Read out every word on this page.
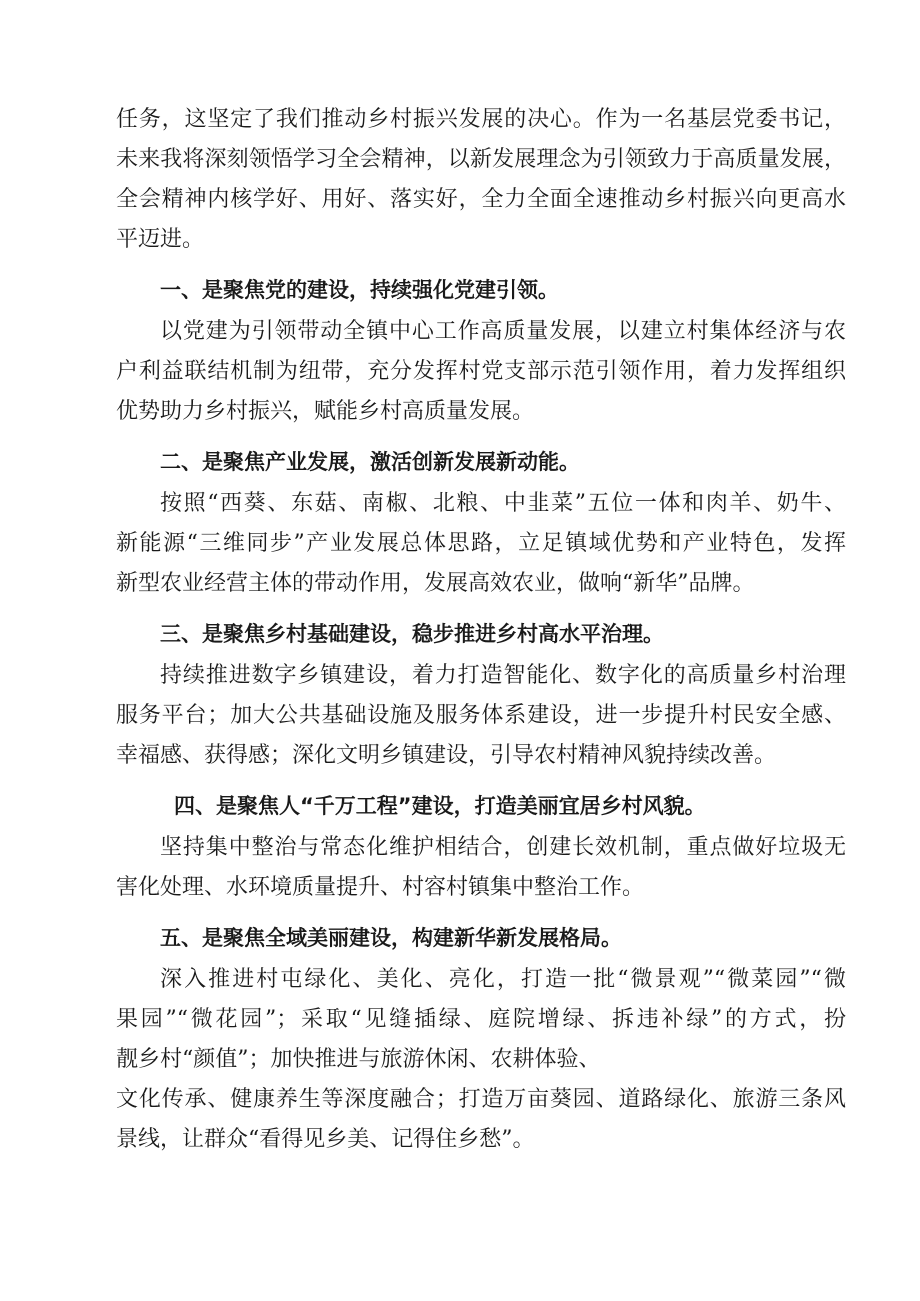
任务，这坚定了我们推动乡村振兴发展的决心。作为一名基层党委书记，
未来我将深刻领悟学习全会精神，以新发展理念为引领致力于高质量发展，
全会精神内核学好、用好、落实好，全力全面全速推动乡村振兴向更高水
平迈进。
一、是聚焦党的建设，持续强化党建引领。
以党建为引领带动全镇中心工作高质量发展，以建立村集体经济与农
户利益联结机制为纽带，充分发挥村党支部示范引领作用，着力发挥组织
优势助力乡村振兴，赋能乡村高质量发展。
二、是聚焦产业发展，激活创新发展新动能。
按照“西葵、东菇、南椒、北粮、中韭菜”五位一体和肉羊、奶牛、
新能源“三维同步”产业发展总体思路，立足镇域优势和产业特色，发挥
新型农业经营主体的带动作用，发展高效农业，做响“新华”品牌。
三、是聚焦乡村基础建设，稳步推进乡村高水平治理。
持续推进数字乡镇建设，着力打造智能化、数字化的高质量乡村治理
服务平台；加大公共基础设施及服务体系建设，进一步提升村民安全感、
幸福感、获得感；深化文明乡镇建设，引导农村精神风貌持续改善。
四、是聚焦人“千万工程”建设，打造美丽宜居乡村风貌。
坚持集中整治与常态化维护相结合，创建长效机制，重点做好垃圾无
害化处理、水环境质量提升、村容村镇集中整治工作。
五、是聚焦全域美丽建设，构建新华新发展格局。
深入推进村屯绿化、美化、亮化，打造一批“微景观”“微菜园”“微
果园”“微花园”；采取“见缝插绿、庭院增绿、拆违补绿”的方式，扮
靓乡村“颜值”；加快推进与旅游休闲、农耕体验、
文化传承、健康养生等深度融合；打造万亩葵园、道路绿化、旅游三条风
景线，让群众“看得见乡美、记得住乡愁”。
